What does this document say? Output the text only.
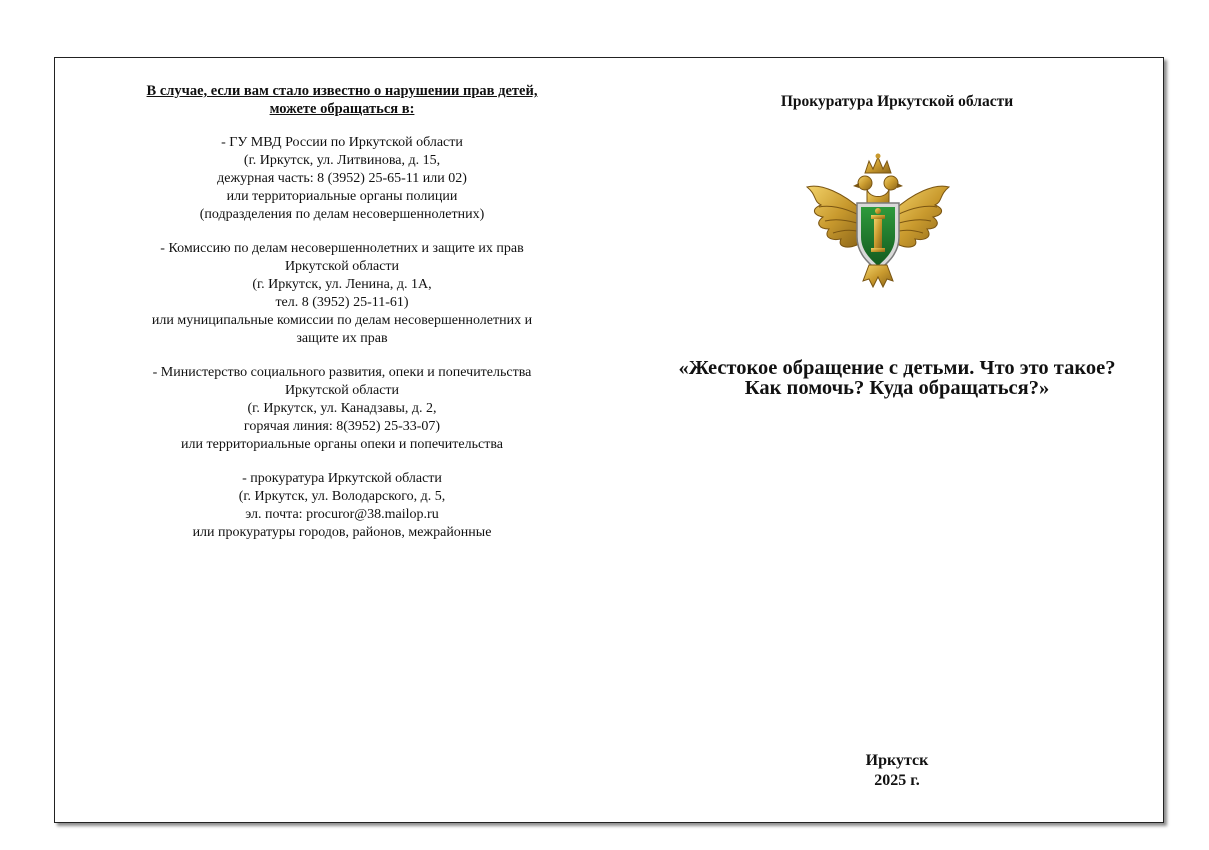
В случае, если вам стало известно о нарушении прав детей,
можете обращаться в:
- ГУ МВД России по Иркутской области
(г. Иркутск, ул. Литвинова, д. 15,
дежурная часть: 8 (3952) 25-65-11 или 02)
или территориальные органы полиции
(подразделения по делам несовершеннолетних)
- Комиссию по делам несовершеннолетних и защите их прав
Иркутской области
(г. Иркутск, ул. Ленина, д. 1А,
тел. 8 (3952) 25-11-61)
или муниципальные комиссии по делам несовершеннолетних и
защите их прав
- Министерство социального развития, опеки и попечительства
Иркутской области
(г. Иркутск, ул. Канадзавы, д. 2,
горячая линия: 8(3952) 25-33-07)
или территориальные органы опеки и попечительства
- прокуратура Иркутской области
(г. Иркутск, ул. Володарского, д. 5,
эл. почта: procuror@38.mailop.ru
или прокуратуры городов, районов, межрайонные
Прокуратура Иркутской области
«Жестокое обращение с детьми. Что это такое?
Как помочь? Куда обращаться?»
Иркутск
2025 г.
